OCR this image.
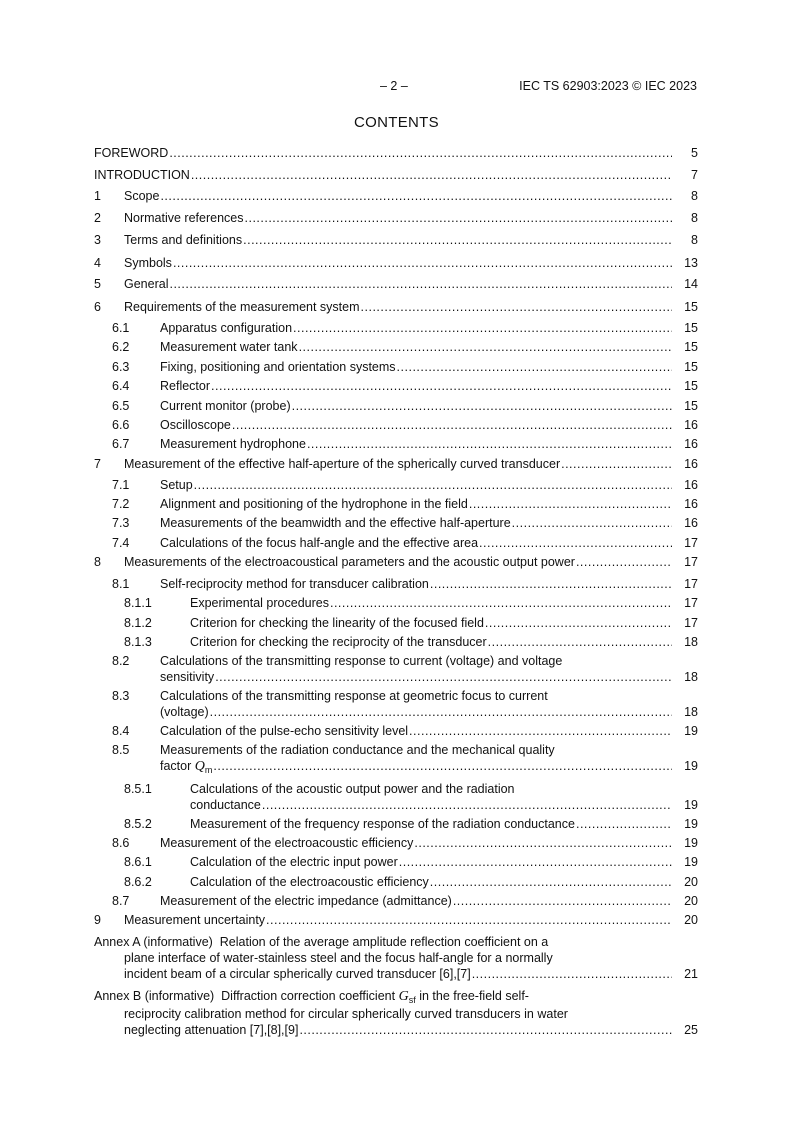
– 2 –	IEC TS 62903:2023 © IEC 2023
CONTENTS
FOREWORD .....	5
INTRODUCTION .....	7
1	Scope .....	8
2	Normative references .....	8
3	Terms and definitions .....	8
4	Symbols .....	13
5	General .....	14
6	Requirements of the measurement system .....	15
6.1	Apparatus configuration .....	15
6.2	Measurement water tank .....	15
6.3	Fixing, positioning and orientation systems .....	15
6.4	Reflector .....	15
6.5	Current monitor (probe) .....	15
6.6	Oscilloscope .....	16
6.7	Measurement hydrophone .....	16
7	Measurement of the effective half-aperture of the spherically curved transducer .....	16
7.1	Setup .....	16
7.2	Alignment and positioning of the hydrophone in the field .....	16
7.3	Measurements of the beamwidth and the effective half-aperture .....	16
7.4	Calculations of the focus half-angle and the effective area .....	17
8	Measurements of the electroacoustical parameters and the acoustic output power .....	17
8.1	Self-reciprocity method for transducer calibration .....	17
8.1.1	Experimental procedures .....	17
8.1.2	Criterion for checking the linearity of the focused field .....	17
8.1.3	Criterion for checking the reciprocity of the transducer .....	18
8.2 Calculations of the transmitting response to current (voltage) and voltage
sensitivity .....	18
8.3 Calculations of the transmitting response at geometric focus to current
(voltage) .....	18
8.4	Calculation of the pulse-echo sensitivity level .....	19
8.5 Measurements of the radiation conductance and the mechanical quality
factor
$Q_m$ .....	19
8.5.1	Calculations of the acoustic output power and the radiation
conductance .....	19
8.5.2	Measurement of the frequency response of the radiation conductance .....	19
8.6	Measurement of the electroacoustic efficiency .....	19
8.6.1	Calculation of the electric input power .....	19
8.6.2	Calculation of the electroacoustic efficiency .....	20
8.7	Measurement of the electric impedance (admittance) .....	20
9	Measurement uncertainty .....	20
Annex A (informative) Relation of the average amplitude reflection coefficient on a
plane interface of water-stainless steel and the focus half-angle for a normally
incident beam of a circular spherically curved transducer [6],[7] .....	21
Annex B (informative) Diffraction correction coefficient $G_{sf}$ in the free-field self-
reciprocity calibration method for circular spherically curved transducers in water
neglecting attenuation [7],[8],[9] .....	25
